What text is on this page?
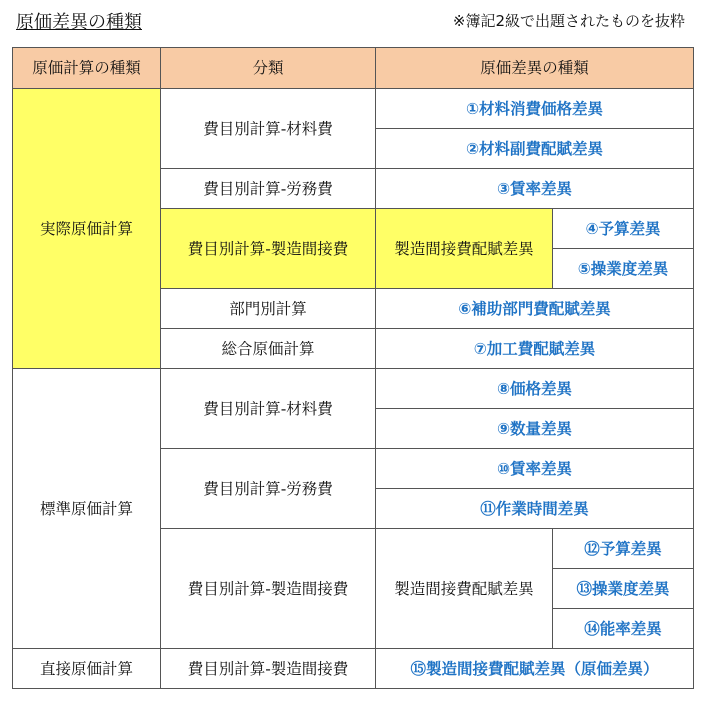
原価差異の種類	※簿記2級で出題されたものを抜粋
原価計算の種類	分類	原価差異の種類	
実際原価計算	費目別計算-材料費	①材料消費価格差異	
		②材料副費配賦差異	
	費目別計算-労務費	③賃率差異	
	費目別計算-製造間接費	製造間接費配賦差異	④予算差異
			⑤操業度差異
	部門別計算	⑥補助部門費配賦差異	
	総合原価計算	⑦加工費配賦差異	
標準原価計算	費目別計算-材料費	⑧価格差異	
		⑨数量差異	
	費目別計算-労務費	⑩賃率差異	
		⑪作業時間差異	
	費目別計算-製造間接費	製造間接費配賦差異	⑫予算差異
			⑬操業度差異
			⑭能率差異
直接原価計算	費目別計算-製造間接費	⑮製造間接費配賦差異（原価差異）	
